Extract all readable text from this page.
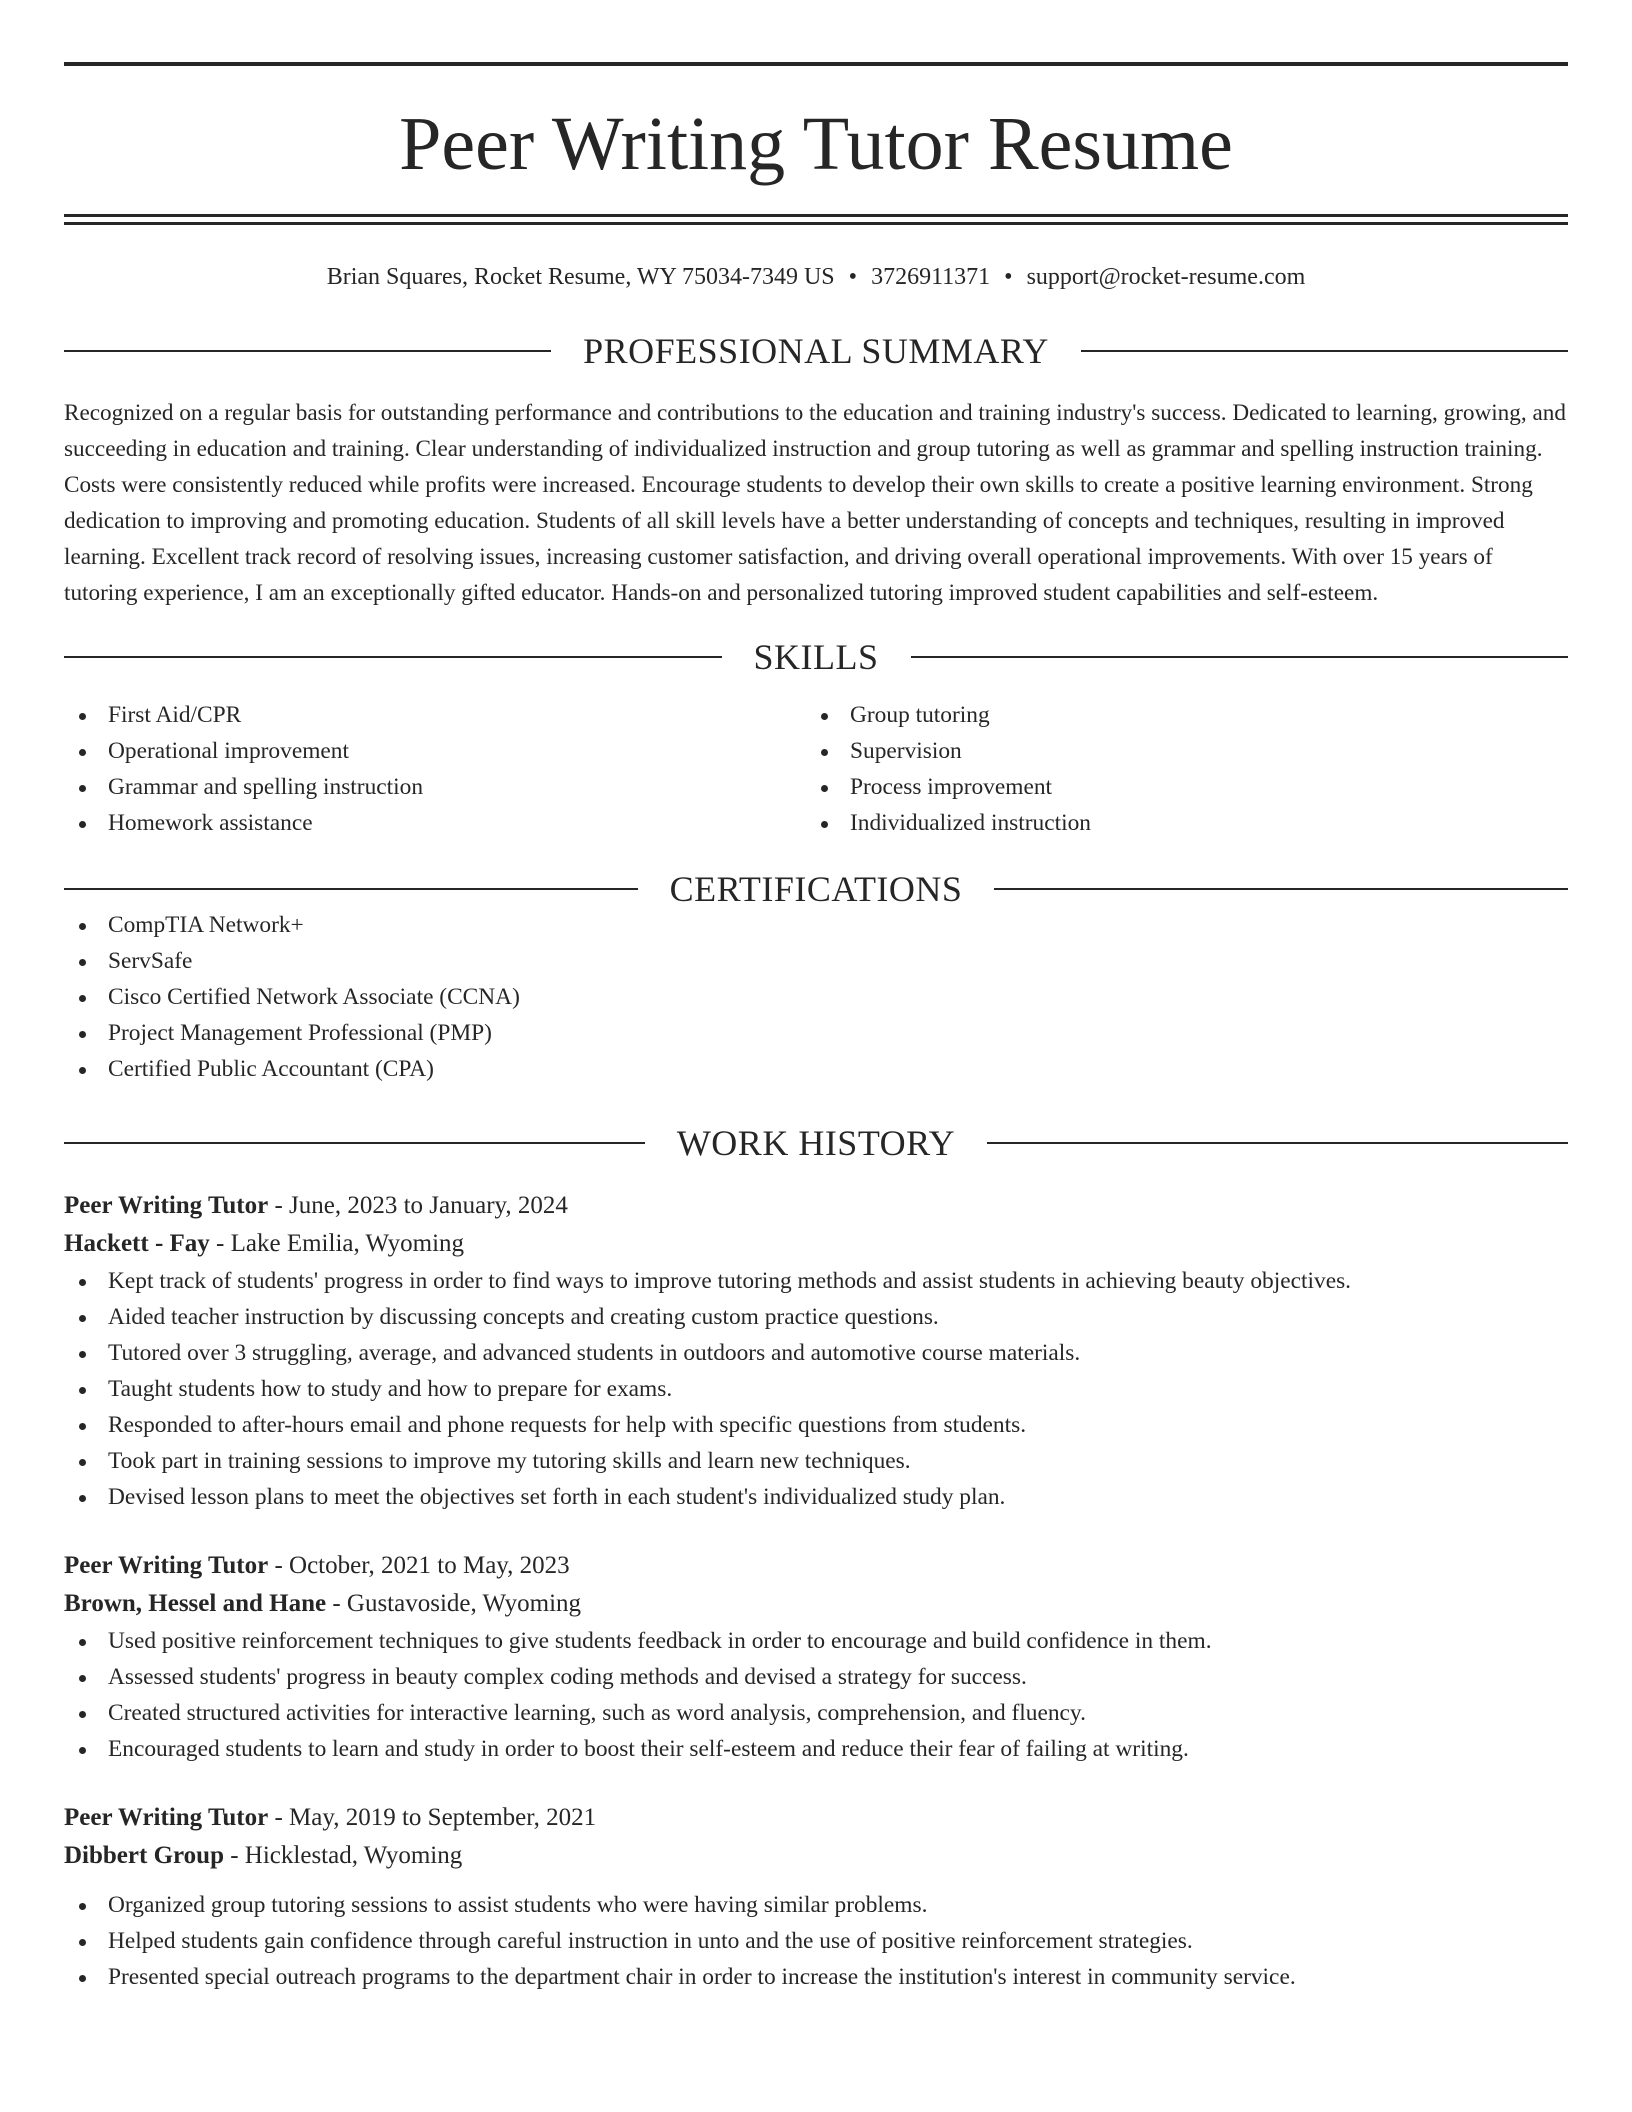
Peer Writing Tutor Resume
Brian Squares, Rocket Resume, WY 75034-7349 US • 3726911371 • support@rocket-resume.com
PROFESSIONAL SUMMARY

Recognized on a regular basis for outstanding performance and contributions to the education and training industry's success. Dedicated to learning, growing, and succeeding in education and training. Clear understanding of individualized instruction and group tutoring as well as grammar and spelling instruction training. Costs were consistently reduced while profits were increased. Encourage students to develop their own skills to create a positive learning environment. Strong dedication to improving and promoting education. Students of all skill levels have a better understanding of concepts and techniques, resulting in improved learning. Excellent track record of resolving issues, increasing customer satisfaction, and driving overall operational improvements. With over 15 years of tutoring experience, I am an exceptionally gifted educator. Hands-on and personalized tutoring improved student capabilities and self-esteem.

SKILLS
First Aid/CPR
Operational improvement
Grammar and spelling instruction
Homework assistance
Group tutoring
Supervision
Process improvement
Individualized instruction
CERTIFICATIONS
CompTIA Network+
ServSafe
Cisco Certified Network Associate (CCNA)
Project Management Professional (PMP)
Certified Public Accountant (CPA)
WORK HISTORY
Peer Writing Tutor - June, 2023 to January, 2024
Hackett - Fay - Lake Emilia, Wyoming
Kept track of students' progress in order to find ways to improve tutoring methods and assist students in achieving beauty objectives.
Aided teacher instruction by discussing concepts and creating custom practice questions.
Tutored over 3 struggling, average, and advanced students in outdoors and automotive course materials.
Taught students how to study and how to prepare for exams.
Responded to after-hours email and phone requests for help with specific questions from students.
Took part in training sessions to improve my tutoring skills and learn new techniques.
Devised lesson plans to meet the objectives set forth in each student's individualized study plan.
Peer Writing Tutor - October, 2021 to May, 2023
Brown, Hessel and Hane - Gustavoside, Wyoming
Used positive reinforcement techniques to give students feedback in order to encourage and build confidence in them.
Assessed students' progress in beauty complex coding methods and devised a strategy for success.
Created structured activities for interactive learning, such as word analysis, comprehension, and fluency.
Encouraged students to learn and study in order to boost their self-esteem and reduce their fear of failing at writing.
Peer Writing Tutor - May, 2019 to September, 2021
Dibbert Group - Hicklestad, Wyoming
Organized group tutoring sessions to assist students who were having similar problems.
Helped students gain confidence through careful instruction in unto and the use of positive reinforcement strategies.
Presented special outreach programs to the department chair in order to increase the institution's interest in community service.
